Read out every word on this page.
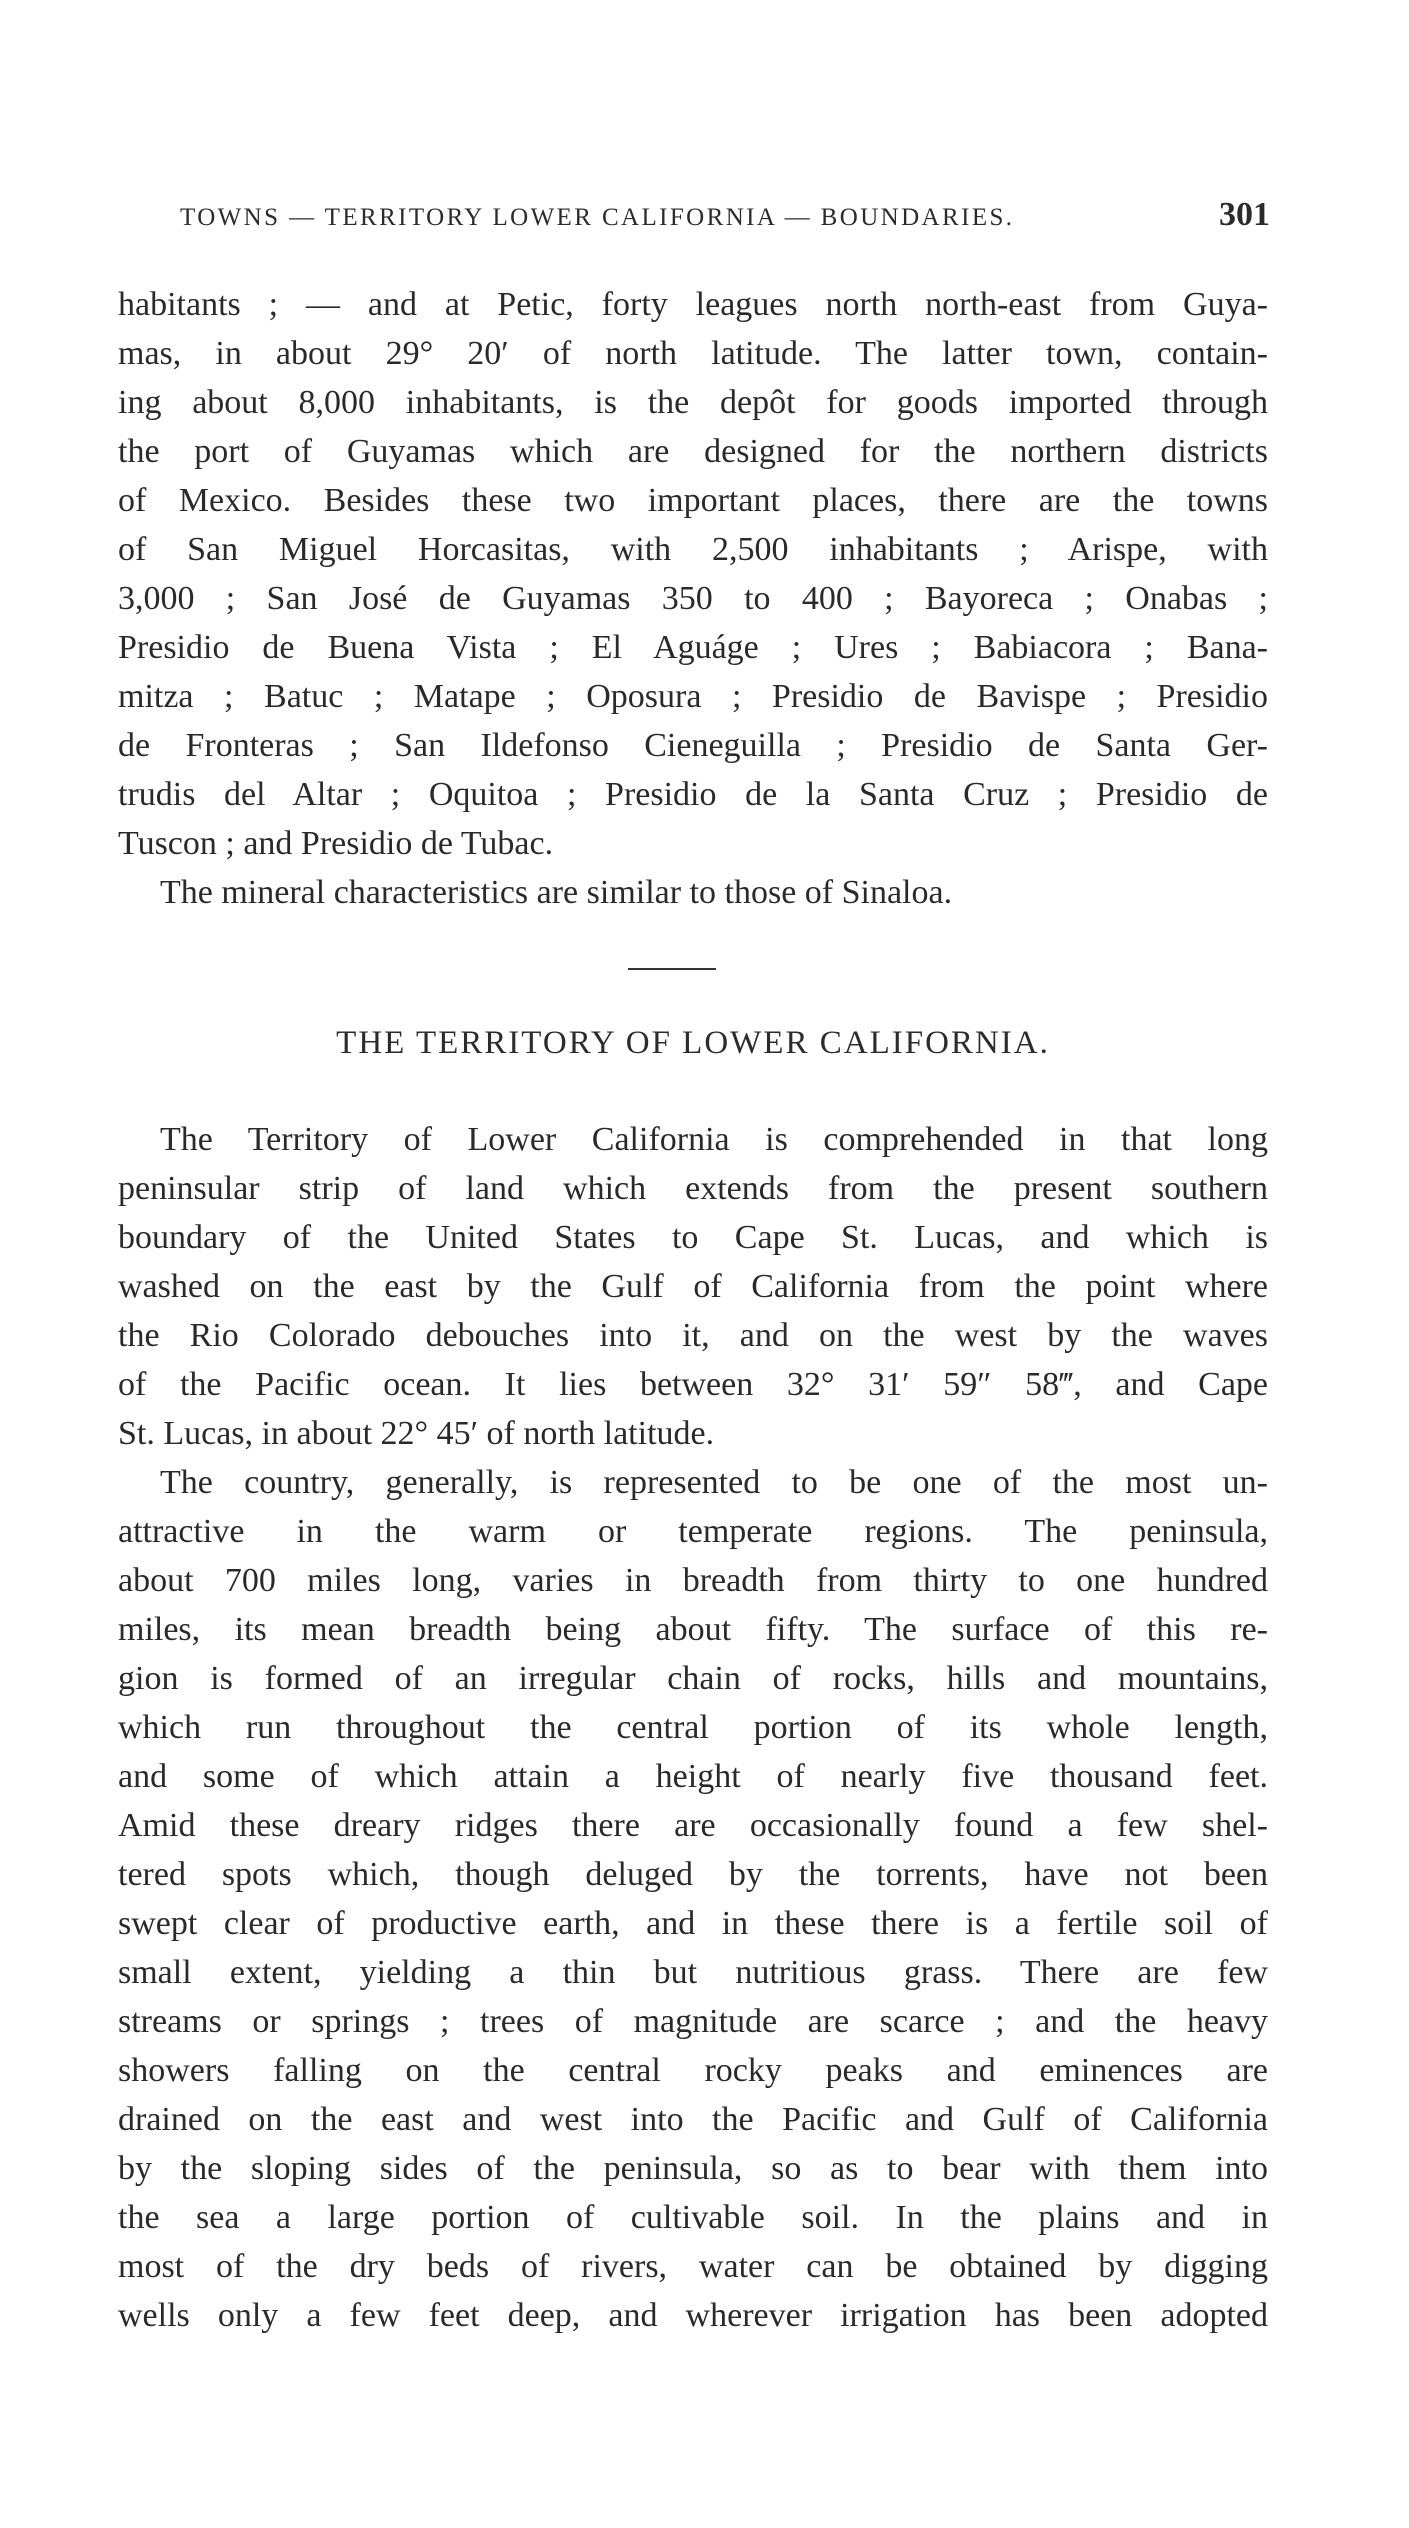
TOWNS — TERRITORY LOWER CALIFORNIA — BOUNDARIES.	301
habitants ; — and at Petic, forty leagues north north-east from Guya-
mas, in about 29° 20′ of north latitude. The latter town, contain-
ing about 8,000 inhabitants, is the depôt for goods imported through
the port of Guyamas which are designed for the northern districts
of Mexico. Besides these two important places, there are the towns
of San Miguel Horcasitas, with 2,500 inhabitants ; Arispe, with
3,000 ; San José de Guyamas 350 to 400 ; Bayoreca ; Onabas ;
Presidio de Buena Vista ; El Aguáge ; Ures ; Babiacora ; Bana-
mitza ; Batuc ; Matape ; Oposura ; Presidio de Bavispe ; Presidio
de Fronteras ; San Ildefonso Cieneguilla ; Presidio de Santa Ger-
trudis del Altar ; Oquitoa ; Presidio de la Santa Cruz ; Presidio de
Tuscon ; and Presidio de Tubac.
The mineral characteristics are similar to those of Sinaloa.
THE TERRITORY OF LOWER CALIFORNIA.
The Territory of Lower California is comprehended in that long
peninsular strip of land which extends from the present southern
boundary of the United States to Cape St. Lucas, and which is
washed on the east by the Gulf of California from the point where
the Rio Colorado debouches into it, and on the west by the waves
of the Pacific ocean. It lies between 32° 31′ 59″ 58‴, and Cape
St. Lucas, in about 22° 45′ of north latitude.
The country, generally, is represented to be one of the most un-
attractive in the warm or temperate regions. The peninsula,
about 700 miles long, varies in breadth from thirty to one hundred
miles, its mean breadth being about fifty. The surface of this re-
gion is formed of an irregular chain of rocks, hills and mountains,
which run throughout the central portion of its whole length,
and some of which attain a height of nearly five thousand feet.
Amid these dreary ridges there are occasionally found a few shel-
tered spots which, though deluged by the torrents, have not been
swept clear of productive earth, and in these there is a fertile soil of
small extent, yielding a thin but nutritious grass. There are few
streams or springs ; trees of magnitude are scarce ; and the heavy
showers falling on the central rocky peaks and eminences are
drained on the east and west into the Pacific and Gulf of California
by the sloping sides of the peninsula, so as to bear with them into
the sea a large portion of cultivable soil. In the plains and in
most of the dry beds of rivers, water can be obtained by digging
wells only a few feet deep, and wherever irrigation has been adopted
